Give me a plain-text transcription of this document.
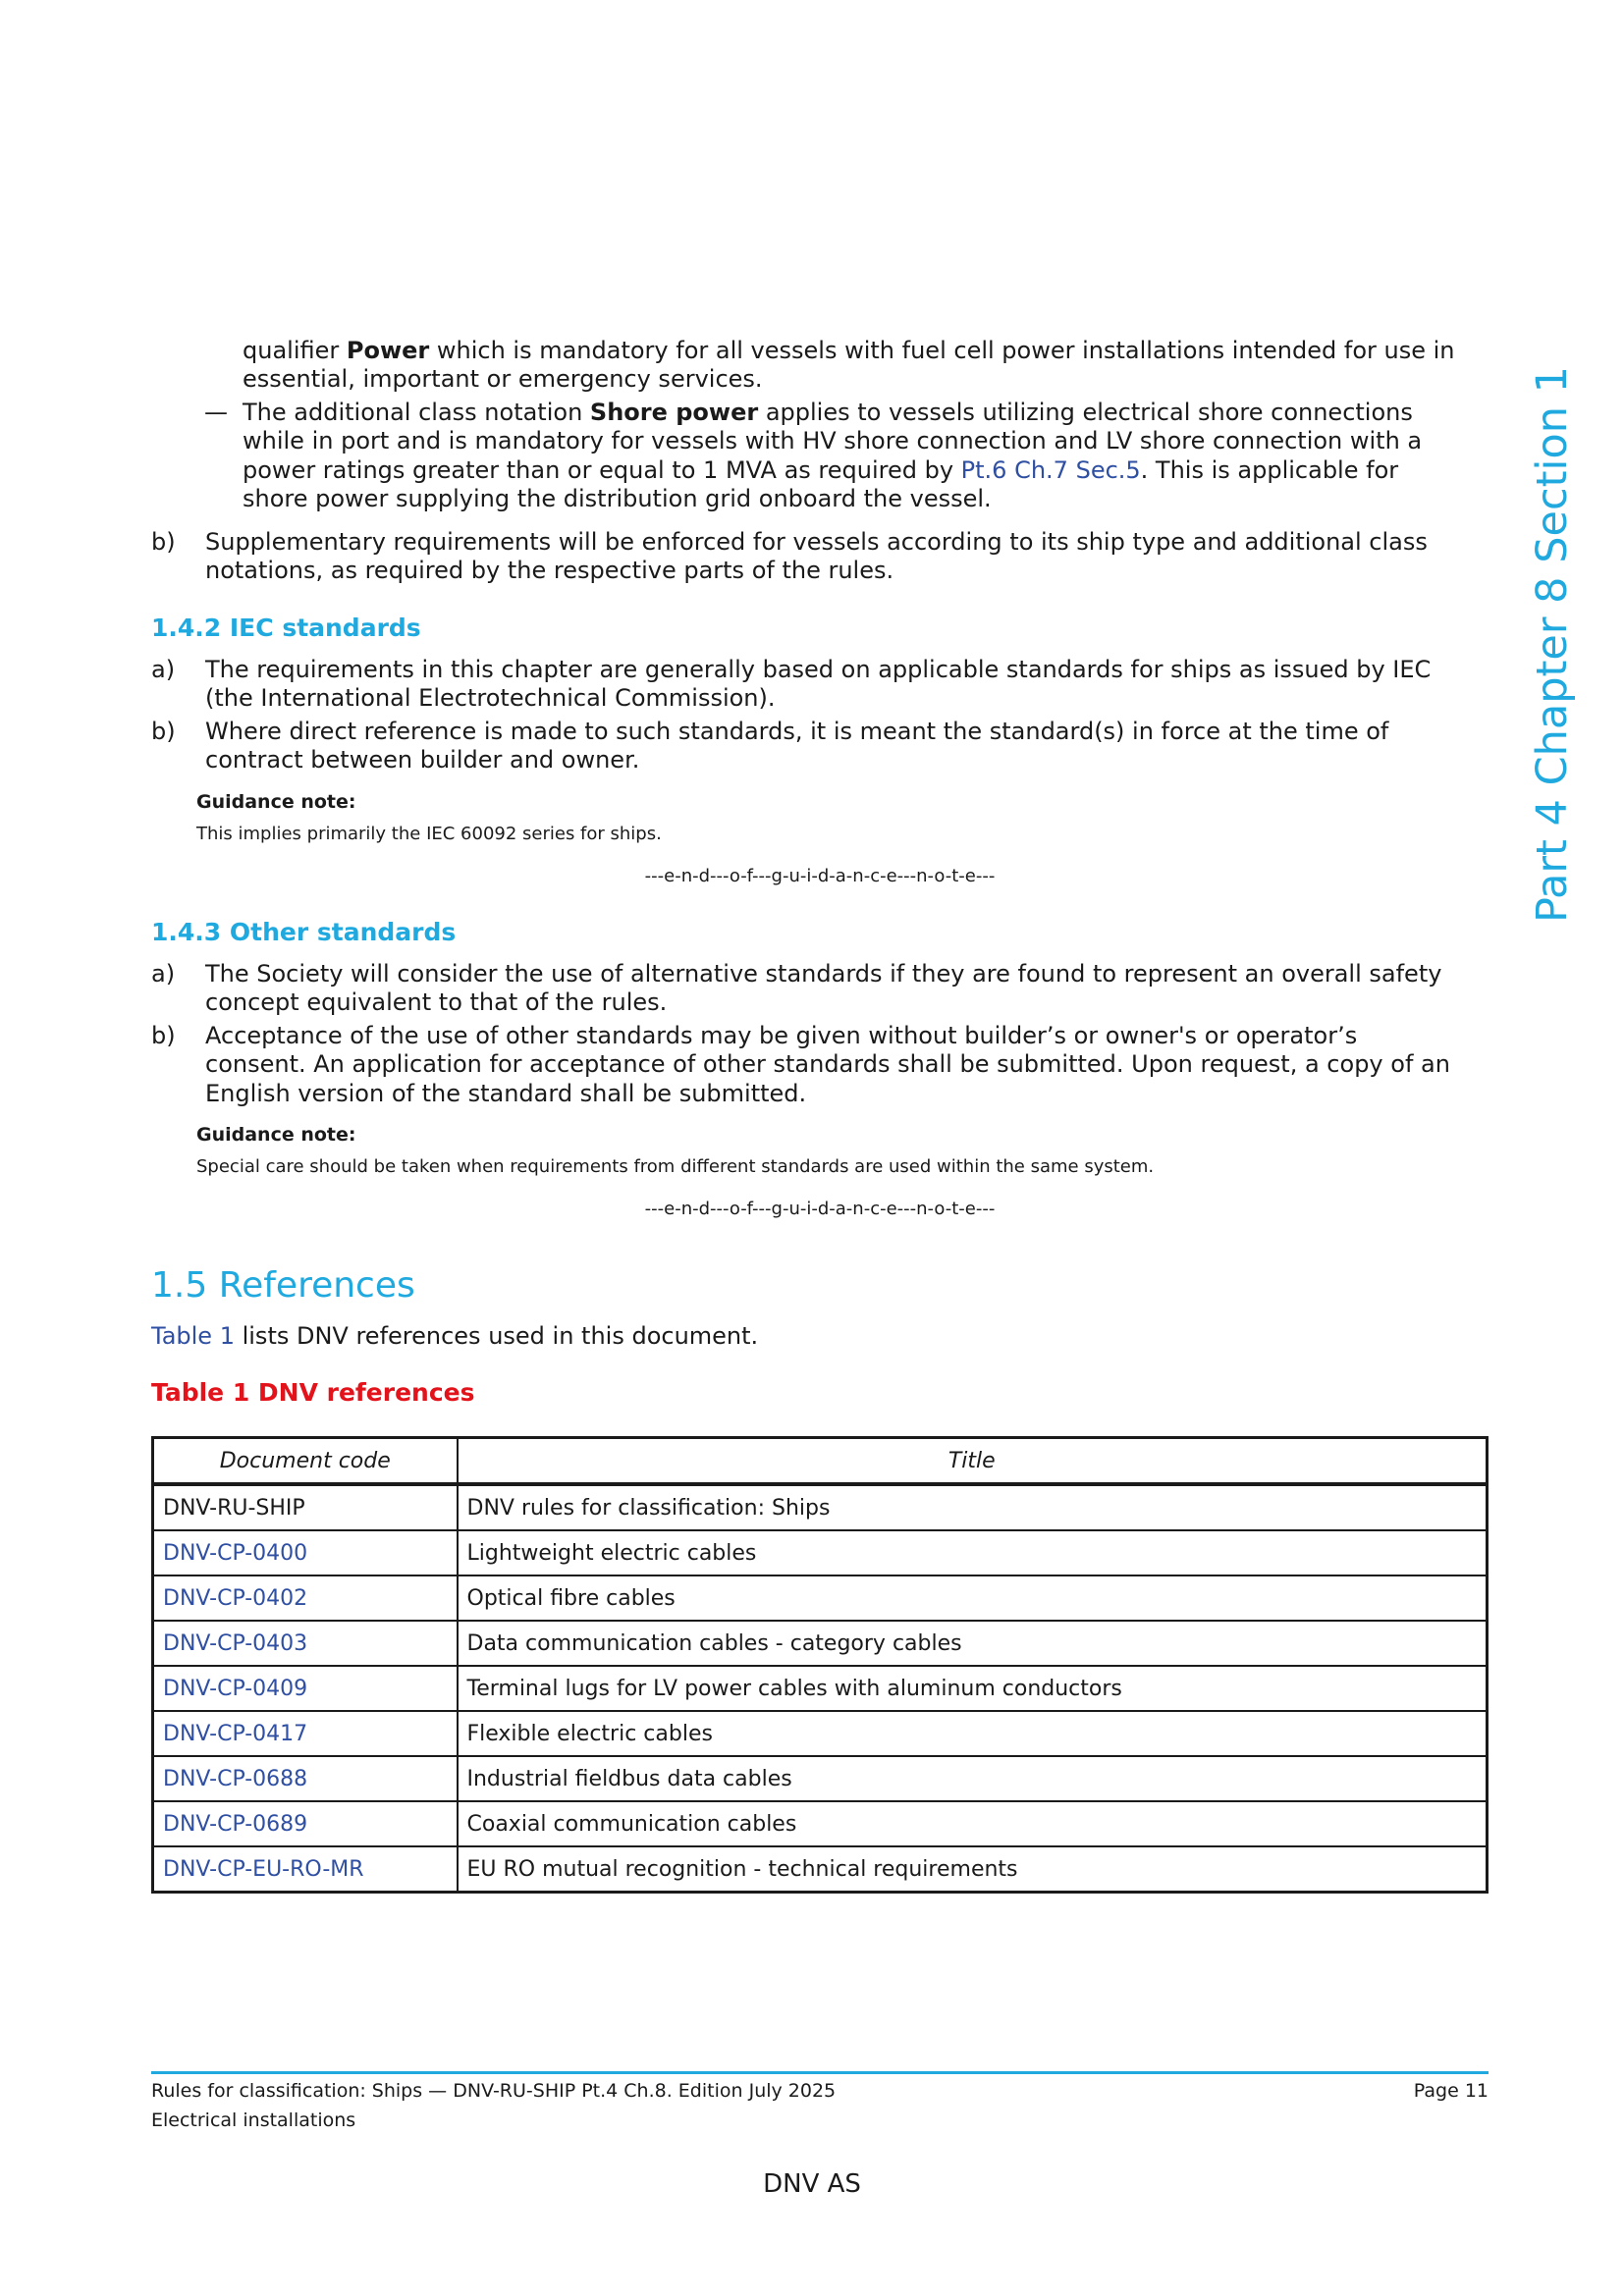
Part 4 Chapter 8 Section 1
qualifier Power which is mandatory for all vessels with fuel cell power installations intended for use in
essential, important or emergency services.
— The additional class notation Shore power applies to vessels utilizing electrical shore connections
while in port and is mandatory for vessels with HV shore connection and LV shore connection with a
power ratings greater than or equal to 1 MVA as required by Pt.6 Ch.7 Sec.5. This is applicable for
shore power supplying the distribution grid onboard the vessel.
b)	Supplementary requirements will be enforced for vessels according to its ship type and additional class
notations, as required by the respective parts of the rules.
1.4.2 IEC standards
a)	The requirements in this chapter are generally based on applicable standards for ships as issued by IEC
(the International Electrotechnical Commission).
b)	Where direct reference is made to such standards, it is meant the standard(s) in force at the time of
contract between builder and owner.
Guidance note:
This implies primarily the IEC 60092 series for ships.
---e-n-d---o-f---g-u-i-d-a-n-c-e---n-o-t-e---
1.4.3 Other standards
a)	The Society will consider the use of alternative standards if they are found to represent an overall safety
concept equivalent to that of the rules.
b)	Acceptance of the use of other standards may be given without builder’s or owner's or operator’s
consent. An application for acceptance of other standards shall be submitted. Upon request, a copy of an
English version of the standard shall be submitted.
Guidance note:
Special care should be taken when requirements from different standards are used within the same system.
---e-n-d---o-f---g-u-i-d-a-n-c-e---n-o-t-e---
1.5 References
Table 1 lists DNV references used in this document.
Table 1 DNV references
Document code	Title
DNV-RU-SHIP	DNV rules for classification: Ships
DNV-CP-0400	Lightweight electric cables
DNV-CP-0402	Optical fibre cables
DNV-CP-0403	Data communication cables - category cables
DNV-CP-0409	Terminal lugs for LV power cables with aluminum conductors
DNV-CP-0417	Flexible electric cables
DNV-CP-0688	Industrial fieldbus data cables
DNV-CP-0689	Coaxial communication cables
DNV-CP-EU-RO-MR	EU RO mutual recognition - technical requirements
Rules for classification: Ships — DNV-RU-SHIP Pt.4 Ch.8. Edition July 2025
Electrical installations
Page 11
DNV AS
